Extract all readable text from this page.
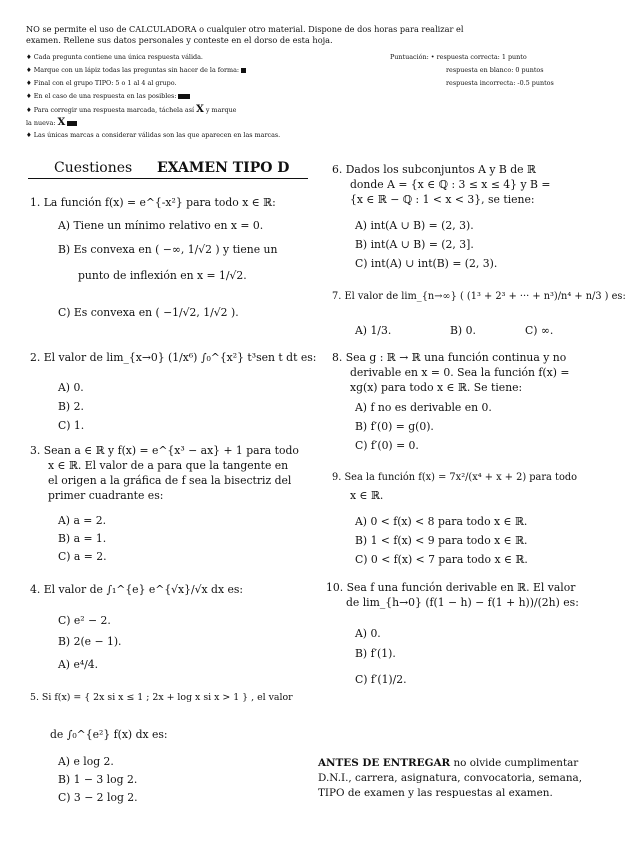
NO se permite el uso de CALCULADORA o cualquier otro material. Dispone de dos horas para realizar el
examen. Rellene sus datos personales y conteste en el dorso de esta hoja.
♦ Cada pregunta contiene una única respuesta válida.
♦ Marque con un lápiz todas las preguntas sin hacer de la forma:
♦ Final con el grupo TIPO: 5 o 1 al 4 al grupo.
♦ En el caso de una respuesta en las posibles:
♦ Para corregir una respuesta marcada, táchela así X y marque
la nueva: X
♦ Las únicas marcas a considerar válidas son las que aparecen en las marcas.
Puntuación: • respuesta correcta: 1 punto
respuesta en blanco: 0 puntos
respuesta incorrecta: -0.5 puntos
Cuestiones EXAMEN TIPO D
1. La función f(x) = e^{-x²} para todo x ∈ ℝ:
A) Tiene un mínimo relativo en x = 0.
B) Es convexa en ( −∞, 1/√2 ) y tiene un
punto de inflexión en x = 1/√2.
C) Es convexa en ( −1/√2, 1/√2 ).
2. El valor de lim_{x→0} (1/x⁶) ∫₀^{x²} t³sen t dt es:
A) 0.
B) 2.
C) 1.
3. Sean a ∈ ℝ y f(x) = e^{x³ − ax} + 1 para todo
x ∈ ℝ. El valor de a para que la tangente en
el origen a la gráfica de f sea la bisectriz del
primer cuadrante es:
A) a = 2.
B) a = 1.
C) a = 2.
4. El valor de ∫₁^{e} e^{√x}/√x dx es:
C) e² − 2.
B) 2(e − 1).
A) e⁴/4.
5. Si f(x) = { 2x si x ≤ 1 ; 2x + log x si x > 1 } , el valor
de ∫₀^{e²} f(x) dx es:
A) e log 2.
B) 1 − 3 log 2.
C) 3 − 2 log 2.
6. Dados los subconjuntos A y B de ℝ
donde A = {x ∈ ℚ : 3 ≤ x ≤ 4} y B =
{x ∈ ℝ − ℚ : 1 < x < 3}, se tiene:
A) int(A ∪ B) = (2, 3).
B) int(A ∪ B) = (2, 3].
C) int(A) ∪ int(B) = (2, 3).
7. El valor de lim_{n→∞} ( (1³ + 2³ + ··· + n³)/n⁴ + n/3 ) es:
A) 1/3.	B) 0.	C) ∞.
8. Sea g : ℝ → ℝ una función continua y no
derivable en x = 0. Sea la función f(x) =
xg(x) para todo x ∈ ℝ. Se tiene:
A) f no es derivable en 0.
B) f′(0) = g(0).
C) f′(0) = 0.
9. Sea la función f(x) = 7x²/(x⁴ + x + 2) para todo
x ∈ ℝ.
A) 0 < f(x) < 8 para todo x ∈ ℝ.
B) 1 < f(x) < 9 para todo x ∈ ℝ.
C) 0 < f(x) < 7 para todo x ∈ ℝ.
10. Sea f una función derivable en ℝ. El valor
de lim_{h→0} (f(1 − h) − f(1 + h))/(2h) es:
A) 0.
B) f′(1).
C) f′(1)/2.
ANTES DE ENTREGAR no olvide cumplimentar
D.N.I., carrera, asignatura, convocatoria, semana,
TIPO de examen y las respuestas al examen.
